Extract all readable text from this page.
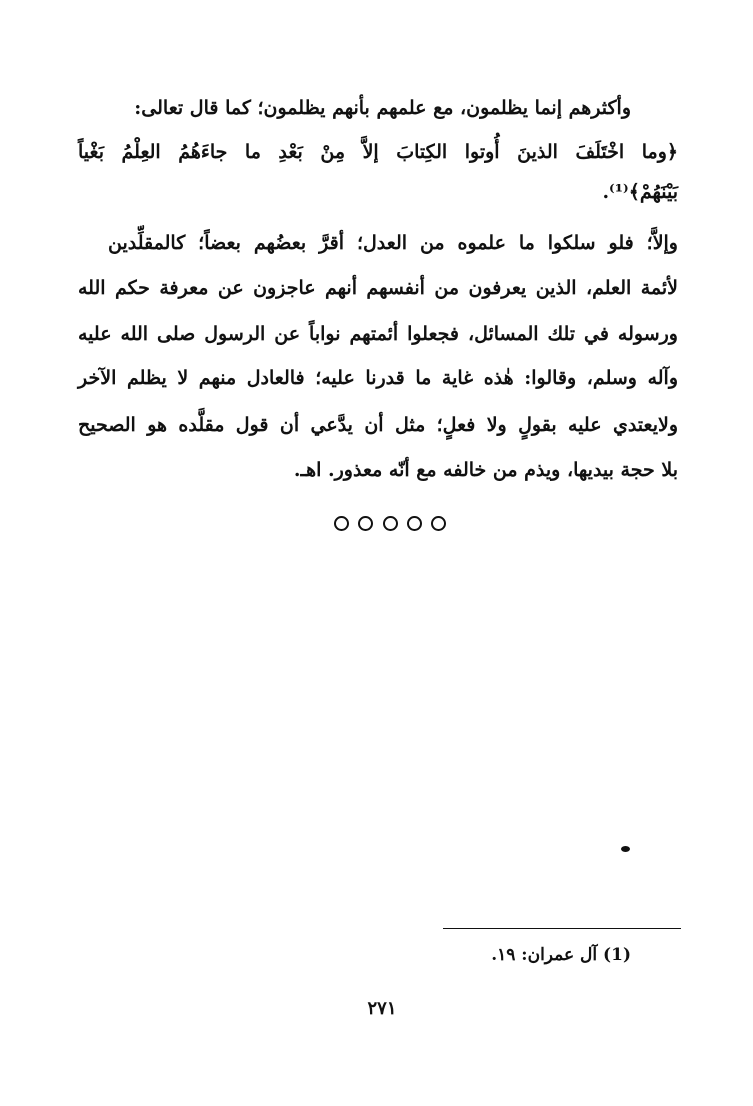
وأكثرهم إنما يظلمون، مع علمهم بأنهم يظلمون؛ كما قال تعالى:
﴿وما اخْتَلَفَ الذينَ أُوتوا الكِتابَ إلاَّ مِنْ بَعْدِ ما جاءَهُمُ العِلْمُ بَغْياً
بَيْنَهُمْ﴾⁽¹⁾.
وإلاَّ؛ فلو سلكوا ما علموه من العدل؛ أقرَّ بعضُهم بعضاً؛ كالمقلِّدين
لأئمة العلم، الذين يعرفون من أنفسهم أنهم عاجزون عن معرفة حكم الله
ورسوله في تلك المسائل، فجعلوا أئمتهم نواباً عن الرسول صلى الله عليه
وآله وسلم، وقالوا: هٰذه غاية ما قدرنا عليه؛ فالعادل منهم لا يظلم الآخر
ولايعتدي عليه بقولٍ ولا فعلٍ؛ مثل أن يدَّعي أن قول مقلَّده هو الصحيح
بلا حجة بيديها، ويذم من خالفه مع أنّه معذور. اهـ.
(1) آل عمران: ١٩.
٢٧١
